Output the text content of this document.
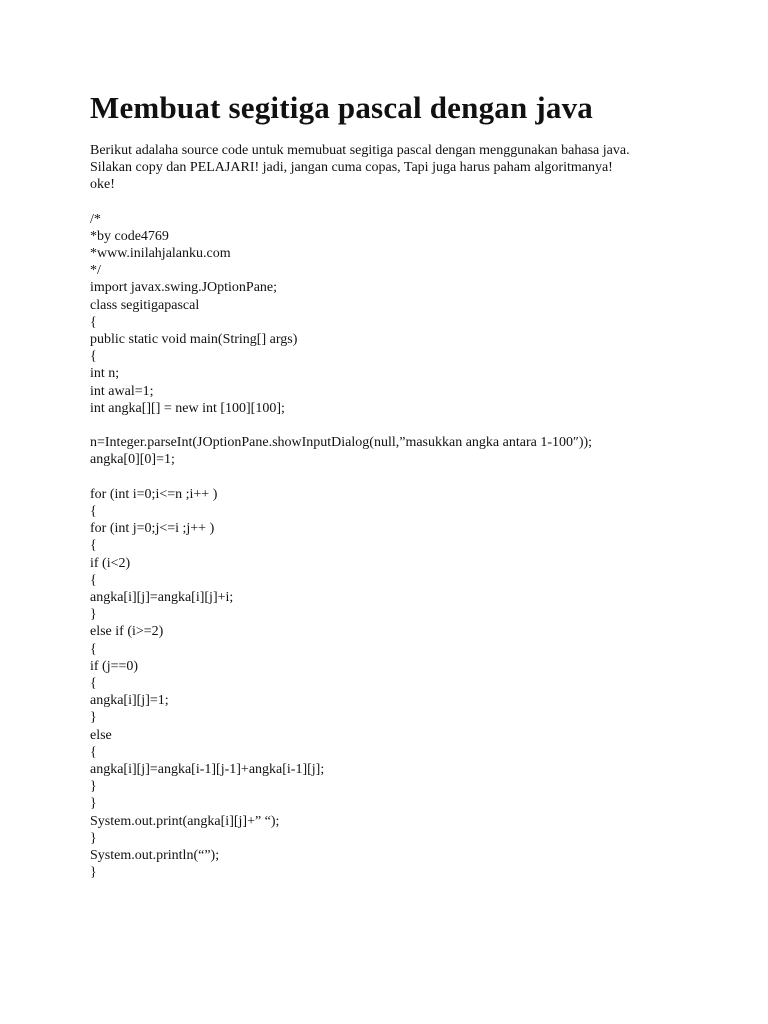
Membuat segitiga pascal dengan java
Berikut adalaha source code untuk memubuat segitiga pascal dengan menggunakan bahasa java.
Silakan copy dan PELAJARI! jadi, jangan cuma copas, Tapi juga harus paham algoritmanya!
oke!
/*
*by code4769
*www.inilahjalanku.com
*/
import javax.swing.JOptionPane;
class segitigapascal
{
public static void main(String[] args)
{
int n;
int awal=1;
int angka[][] = new int [100][100];
n=Integer.parseInt(JOptionPane.showInputDialog(null,”masukkan angka antara 1-100″));
angka[0][0]=1;
for (int i=0;i<=n ;i++ )
{
for (int j=0;j<=i ;j++ )
{
if (i<2)
{
angka[i][j]=angka[i][j]+i;
}
else if (i>=2)
{
if (j==0)
{
angka[i][j]=1;
}
else
{
angka[i][j]=angka[i-1][j-1]+angka[i-1][j];
}
}
System.out.print(angka[i][j]+” “);
}
System.out.println(“”);
}
